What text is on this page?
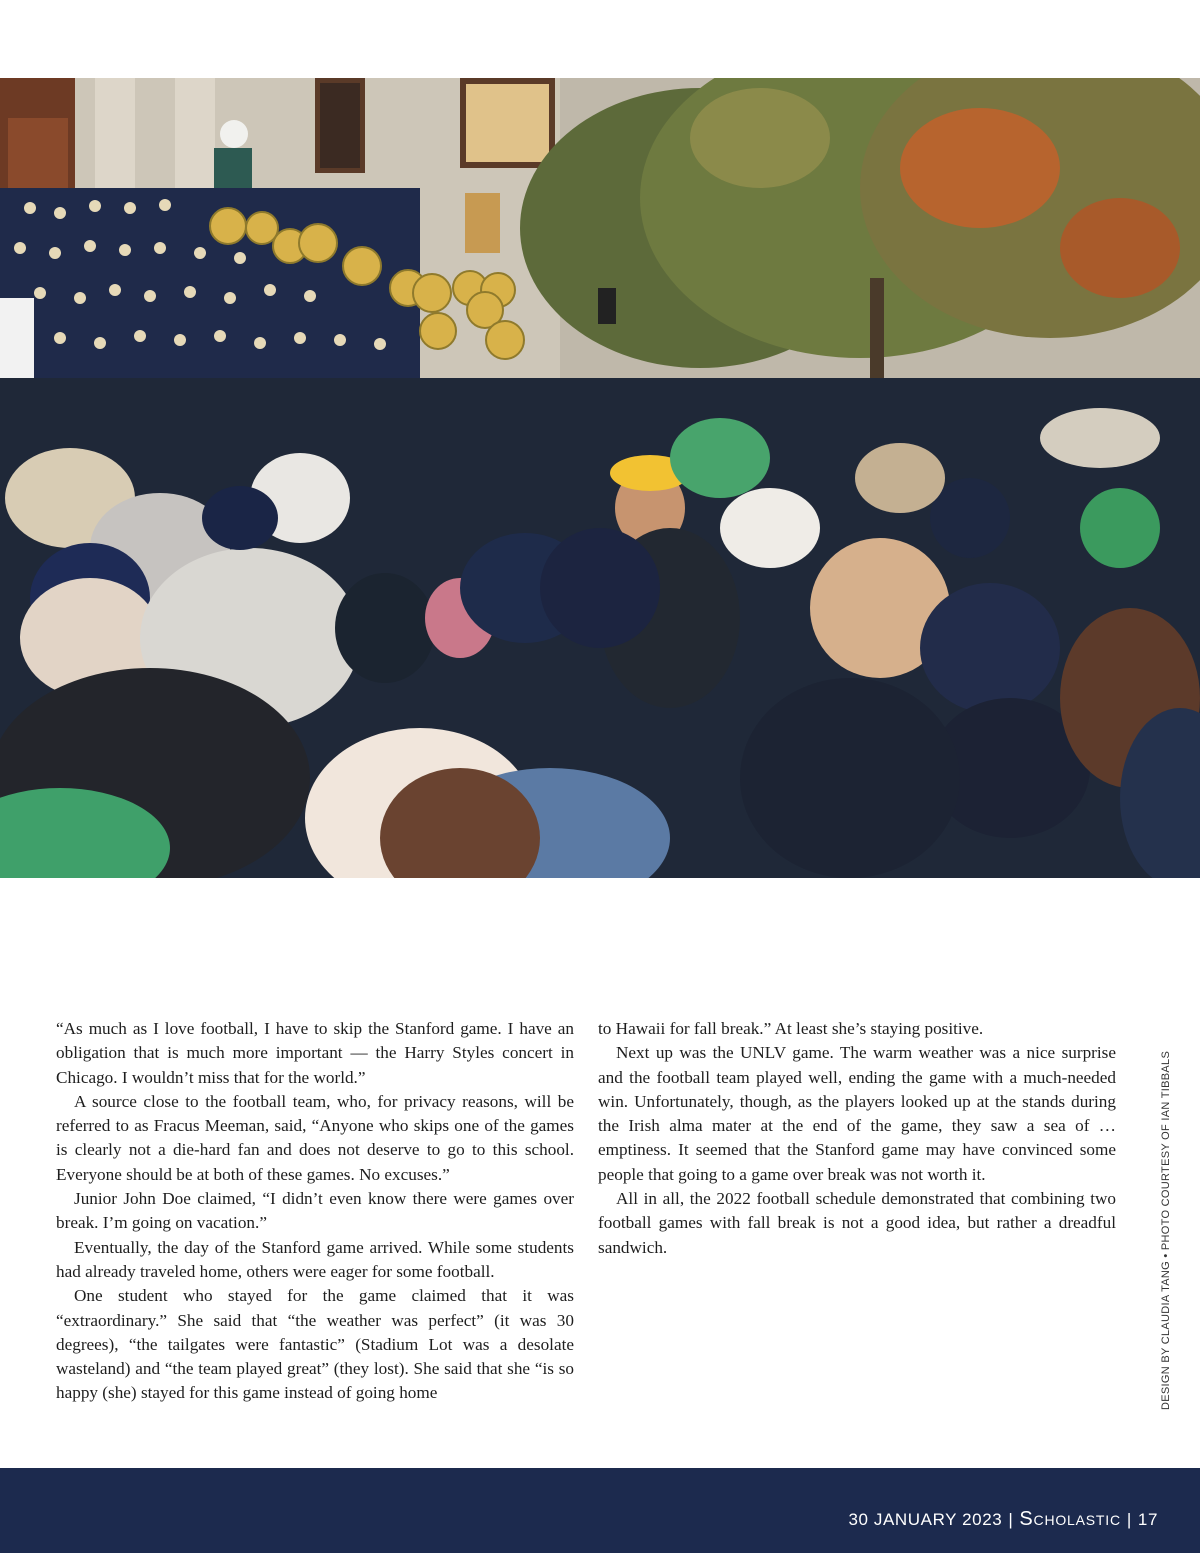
“As much as I love football, I have to skip the Stanford game. I have an obligation that is much more important — the Harry Styles concert in Chicago. I wouldn’t miss that for the world.”

A source close to the football team, who, for privacy reasons, will be referred to as Fracus Meeman, said, “Anyone who skips one of the games is clearly not a die-hard fan and does not deserve to go to this school. Everyone should be at both of these games. No excuses.”

Junior John Doe claimed, “I didn’t even know there were games over break. I’m going on vacation.”

Eventually, the day of the Stanford game arrived. While some students had already traveled home, others were eager for some football.

One student who stayed for the game claimed that it was “extraordinary.” She said that “the weather was perfect” (it was 30 degrees), “the tailgates were fantastic” (Stadium Lot was a desolate wasteland) and “the team played great” (they lost). She said that she “is so happy (she) stayed for this game instead of going home

to Hawaii for fall break.” At least she’s staying positive.

Next up was the UNLV game. The warm weather was a nice surprise and the football team played well, ending the game with a much-needed win. Unfortunately, though, as the players looked up at the stands during the Irish alma mater at the end of the game, they saw a sea of … emptiness. It seemed that the Stanford game may have convinced some people that going to a game over break was not worth it.

All in all, the 2022 football schedule demonstrated that combining two football games with fall break is not a good idea, but rather a dreadful sandwich.	DESIGN BY CLAUDIA TANG • PHOTO COURTESY OF IAN TIBBALS
30 JANUARY 2023 | Scholastic | 17
